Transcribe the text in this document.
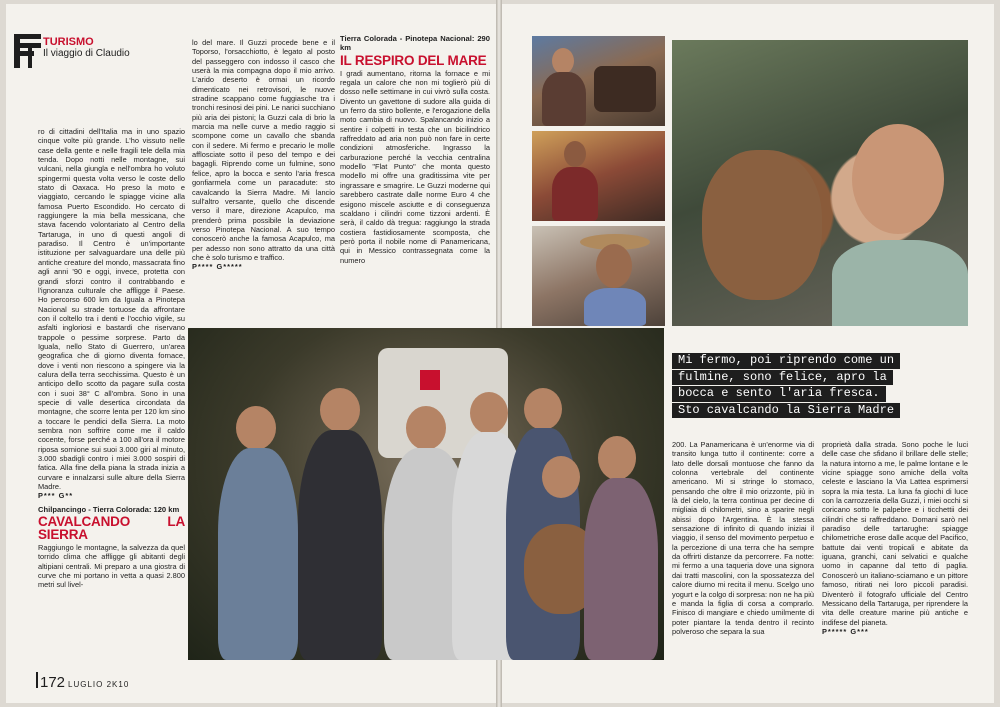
TURISMO
Il viaggio di Claudio

ro di cittadini dell'Italia ma in uno spazio cinque volte più grande. L'ho vissuto nelle case della gente e nelle fragili tele della mia tenda. Dopo notti nelle montagne, sui vulcani, nella giungla e nell'ombra ho voluto spingermi questa volta verso le coste dello stato di Oaxaca. Ho preso la moto e viaggiato, cercando le spiagge vicine alla famosa Puerto Escondido. Ho cercato di raggiungere la mia bella messicana, che stava facendo volontariato al Centro della Tartaruga, in uno di questi angoli di paradiso. Il Centro è un'importante istituzione per salvaguardare una delle più antiche creature del mondo, massacrata fino agli anni '90 e oggi, invece, protetta con grandi sforzi contro il contrabbando e l'ignoranza culturale che affligge il Paese. Ho percorso 600 km da Iguala a Pinotepa Nacional su strade tortuose da affrontare con il coltello tra i denti e l'occhio vigile, su asfalti ingloriosi e bastardi che riservano trappole o pessime sorprese. Parto da Iguala, nello Stato di Guerrero, un'area geografica che di giorno diventa fornace, dove i venti non riescono a spingere via la calura della terra secchissima. Questo è un anticipo dello scotto da pagare sulla costa con i suoi 38° C all'ombra. Sono in una specie di valle desertica circondata da montagne, che scorre lenta per 120 km sino a toccare le pendici della Sierra. La moto sembra non soffrire come me il caldo cocente, forse perché a 100 all'ora il motore riposa sornione sui suoi 3.000 giri al minuto, 3.000 sbadigli contro i miei 3.000 sospiri di fatica. Alla fine della piana la strada inizia a curvare e innalzarsi sulle alture della Sierra Madre.

P*** G**

Chilpancingo - Tierra Colorada: 120 km
CAVALCANDO LA SIERRA

Raggiungo le montagne, la salvezza da quel torrido clima che affligge gli abitanti degli altipiani centrali. Mi preparo a una giostra di curve che mi portano in vetta a quasi 2.800 metri sul livel-

lo del mare. Il Guzzi procede bene e il Toporso, l'orsacchiotto, è legato al posto del passeggero con indosso il casco che userà la mia compagna dopo il mio arrivo. L'arido deserto è ormai un ricordo dimenticato nei retrovisori, le nuove stradine scappano come fuggiasche tra i tronchi resinosi dei pini. Le narici succhiano più aria dei pistoni; la Guzzi cala di brio la marcia ma nelle curve a medio raggio si scompone come un cavallo che sbanda con il sedere. Mi fermo e precario le molle afflosciate sotto il peso del tempo e dei bagagli. Riprendo come un fulmine, sono felice, apro la bocca e sento l'aria fresca gonfiarmela come un paracadute: sto cavalcando la Sierra Madre. Mi lancio sull'altro versante, quello che discende verso il mare, direzione Acapulco, ma prenderò prima possibile la deviazione verso Pinotepa Nacional. A suo tempo conoscerò anche la famosa Acapulco, ma per adesso non sono attratto da una città che è solo turismo e traffico.

P**** G*****

Tierra Colorada - Pinotepa Nacional: 290 km
IL RESPIRO DEL MARE

I gradi aumentano, ritorna la fornace e mi regala un calore che non mi toglierò più di dosso nelle settimane in cui vivrò sulla costa. Divento un gavettone di sudore alla guida di un ferro da stiro bollente, e l'erogazione della moto cambia di nuovo. Spalancando inizio a sentire i colpetti in testa che un bicilindrico raffreddato ad aria non può non fare in certe condizioni atmosferiche. Ingrasso la carburazione perché la vecchia centralina modello "Flat Punto" che monta questo modello mi offre una graditissima vite per ingrassare e smagrire. Le Guzzi moderne qui sarebbero castrate dalle norme Euro 4 che esigono miscele asciutte e di conseguenza scaldano i cilindri come tizzoni ardenti. È serà, il caldo dà tregua: raggiungo la strada costiera fastidiosamente scomposta, che però porta il nobile nome di Panamericana, qui in Messico contrassegnata come la numero

172 LUGLIO 2K10
Mi fermo, poi riprendo come un
fulmine, sono felice, apro la
bocca e sento l'aria fresca.
Sto cavalcando la Sierra Madre

200. La Panamericana è un'enorme via di transito lunga tutto il continente: corre a lato delle dorsali montuose che fanno da colonna vertebrale del continente americano. Mi si stringe lo stomaco, pensando che oltre il mio orizzonte, più in là del cielo, la terra continua per decine di migliaia di chilometri, sino a sparire negli abissi dopo l'Argentina. È la stessa sensazione di infinito di quando iniziai il viaggio, il senso del movimento perpetuo e la percezione di una terra che ha sempre da offrirti distanze da percorrere. Fa notte: mi fermo a una taqueria dove una signora dai tratti mascolini, con la spossatezza del calore diurno mi recita il menu. Scelgo uno yogurt e la colgo di sorpresa: non ne ha più e manda la figlia di corsa a comprarlo. Finisco di mangiare e chiedo umilmente di poter piantare la tenda dentro il recinto polveroso che separa la sua

proprietà dalla strada. Sono poche le luci delle case che sfidano il brillare delle stelle; la natura intorno a me, le palme lontane e le vicine spiagge sono amiche della volta celeste e lasciano la Via Lattea esprimersi sopra la mia testa. La luna fa giochi di luce con la carrozzeria della Guzzi, i miei occhi si coricano sotto le palpebre e i ticchettii dei cilindri che si raffreddano. Domani sarò nel paradiso delle tartarughe: spiagge chilometriche erose dalle acque del Pacifico, battute dai venti tropicali e abitate da iguana, granchi, cani selvatici e qualche uomo in capanne dal tetto di paglia. Conoscerò un italiano-sciamano e un pittore famoso, ritirati nei loro piccoli paradisi. Diventerò il fotografo ufficiale del Centro Messicano della Tartaruga, per riprendere la vita delle creature marine più antiche e indifese del pianeta.

P***** G***
